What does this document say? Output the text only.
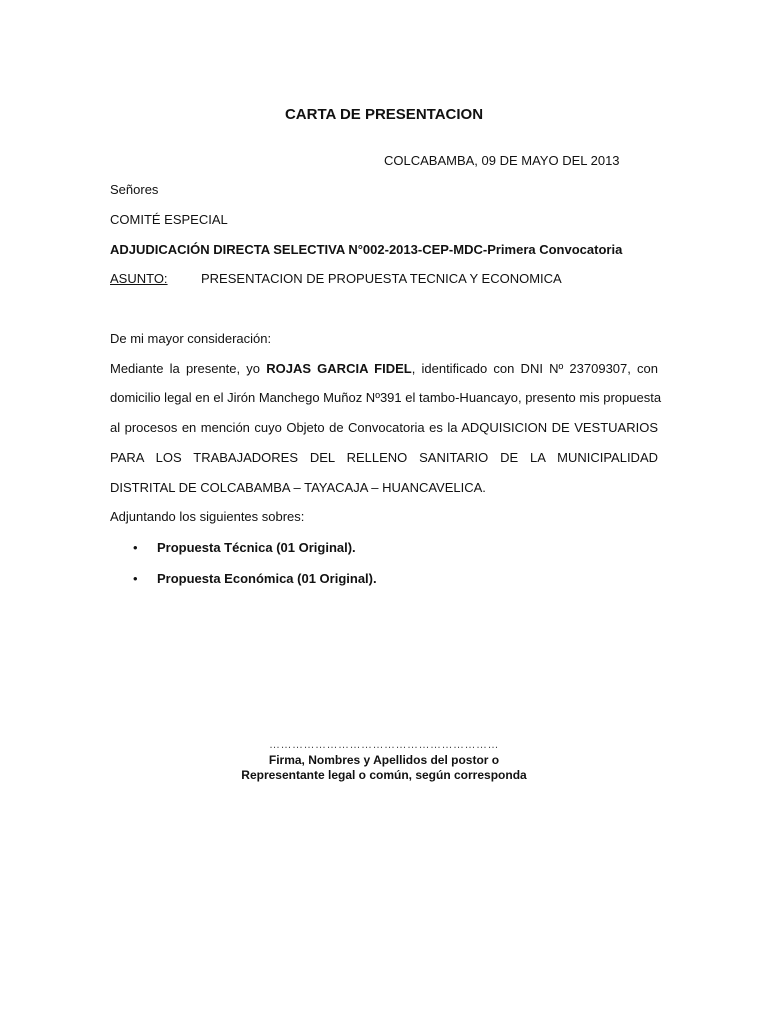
CARTA DE PRESENTACION
COLCABAMBA, 09 DE MAYO DEL 2013
Señores
COMITÉ ESPECIAL
ADJUDICACIÓN DIRECTA SELECTIVA N°002-2013-CEP-MDC-Primera Convocatoria
ASUNTO:	PRESENTACION DE PROPUESTA TECNICA Y ECONOMICA
De mi mayor consideración:
Mediante la presente, yo ROJAS GARCIA FIDEL, identificado con DNI Nº 23709307, con
domicilio legal en el Jirón Manchego Muñoz Nº391 el tambo-Huancayo, presento mis propuesta
al procesos en mención cuyo Objeto de Convocatoria es la ADQUISICION DE VESTUARIOS
PARA LOS TRABAJADORES DEL RELLENO SANITARIO DE LA MUNICIPALIDAD
DISTRITAL DE COLCABAMBA – TAYACAJA – HUANCAVELICA.
Adjuntando los siguientes sobres:
• Propuesta Técnica (01 Original).
• Propuesta Económica (01 Original).
……………………………………………………
Firma, Nombres y Apellidos del postor o
Representante legal o común, según corresponda
